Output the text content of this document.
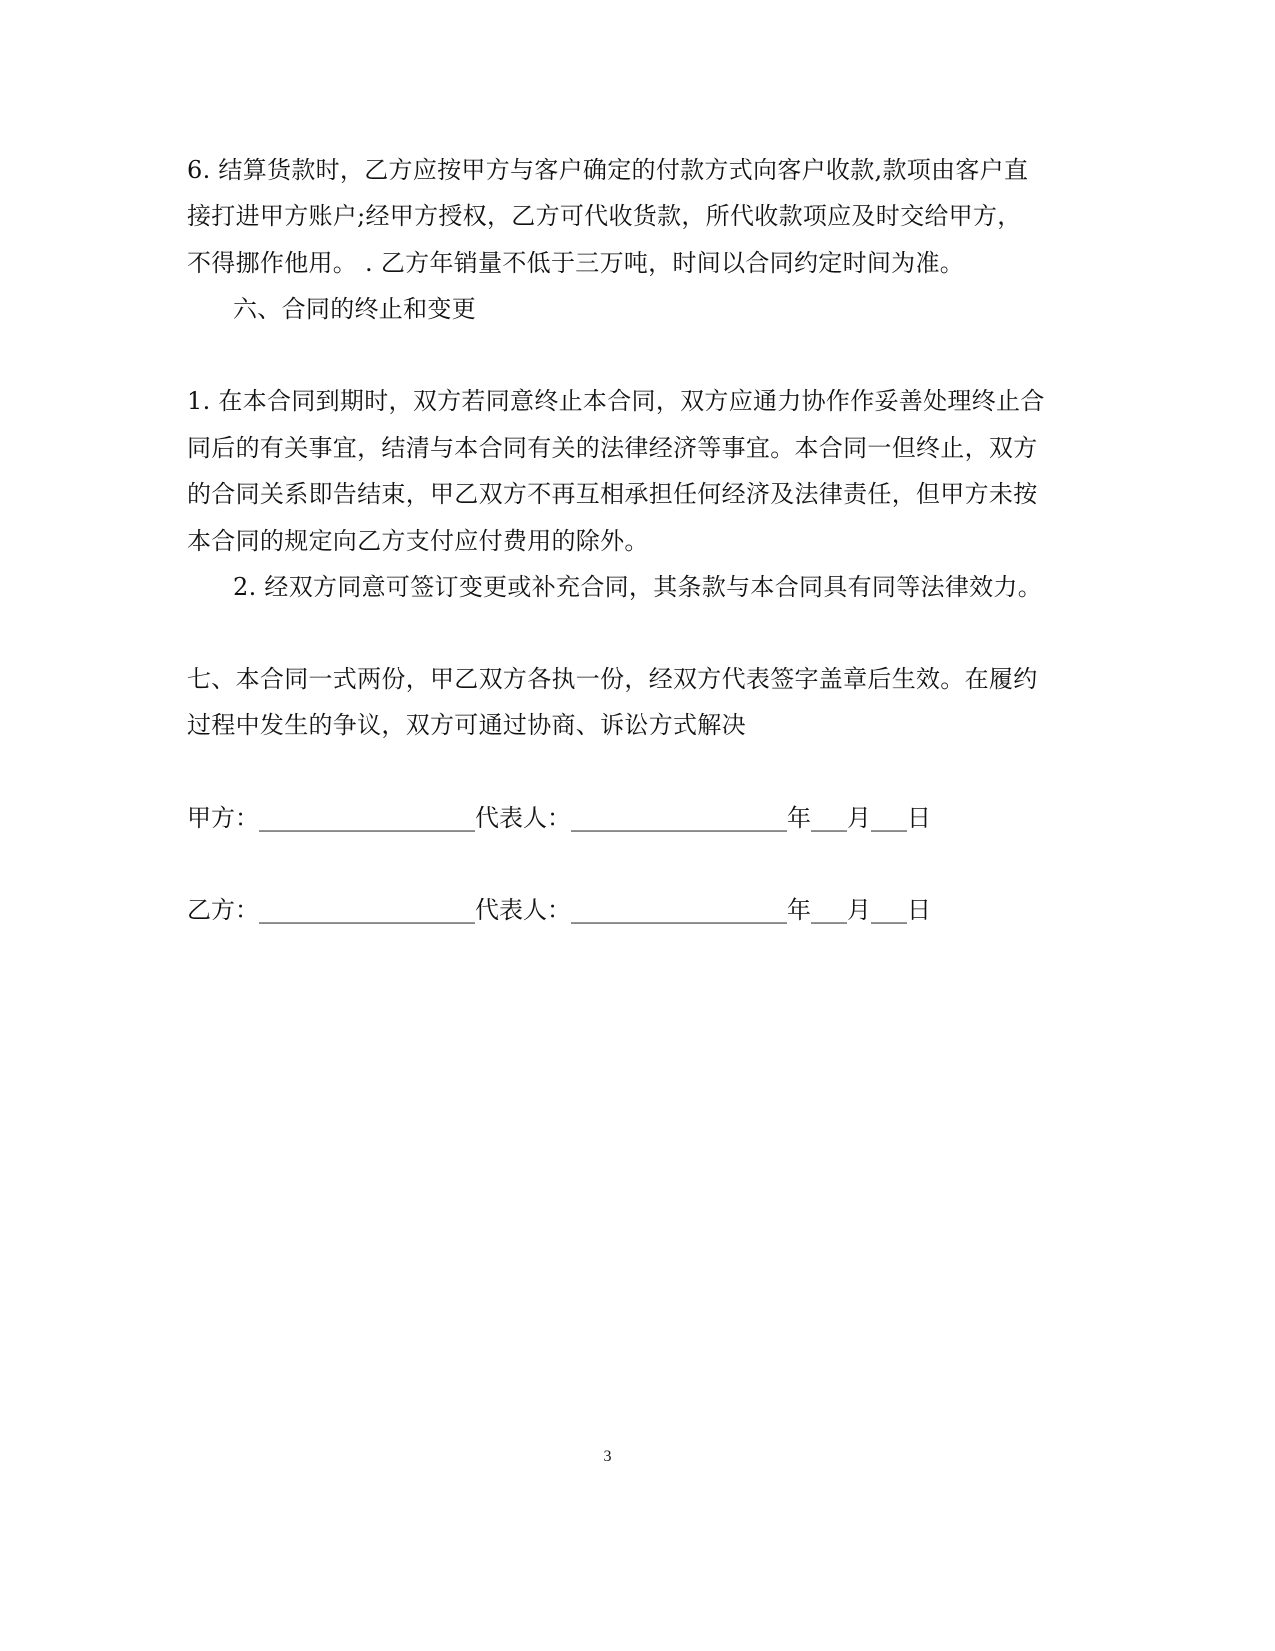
6. 结算货款时，乙方应按甲方与客户确定的付款方式向客户收款,款项由客户直
接打进甲方账户;经甲方授权，乙方可代收货款，所代收款项应及时交给甲方，
不得挪作他用。 . 乙方年销量不低于三万吨，时间以合同约定时间为准。
六、合同的终止和变更
1. 在本合同到期时，双方若同意终止本合同，双方应通力协作作妥善处理终止合
同后的有关事宜，结清与本合同有关的法律经济等事宜。本合同一但终止，双方
的合同关系即告结束，甲乙双方不再互相承担任何经济及法律责任，但甲方未按
本合同的规定向乙方支付应付费用的除外。
2. 经双方同意可签订变更或补充合同，其条款与本合同具有同等法律效力。
七、本合同一式两份，甲乙双方各执一份，经双方代表签字盖章后生效。在履约
过程中发生的争议，双方可通过协商、诉讼方式解决
甲方：__________________代表人：__________________年___月___日
乙方：__________________代表人：__________________年___月___日
3
